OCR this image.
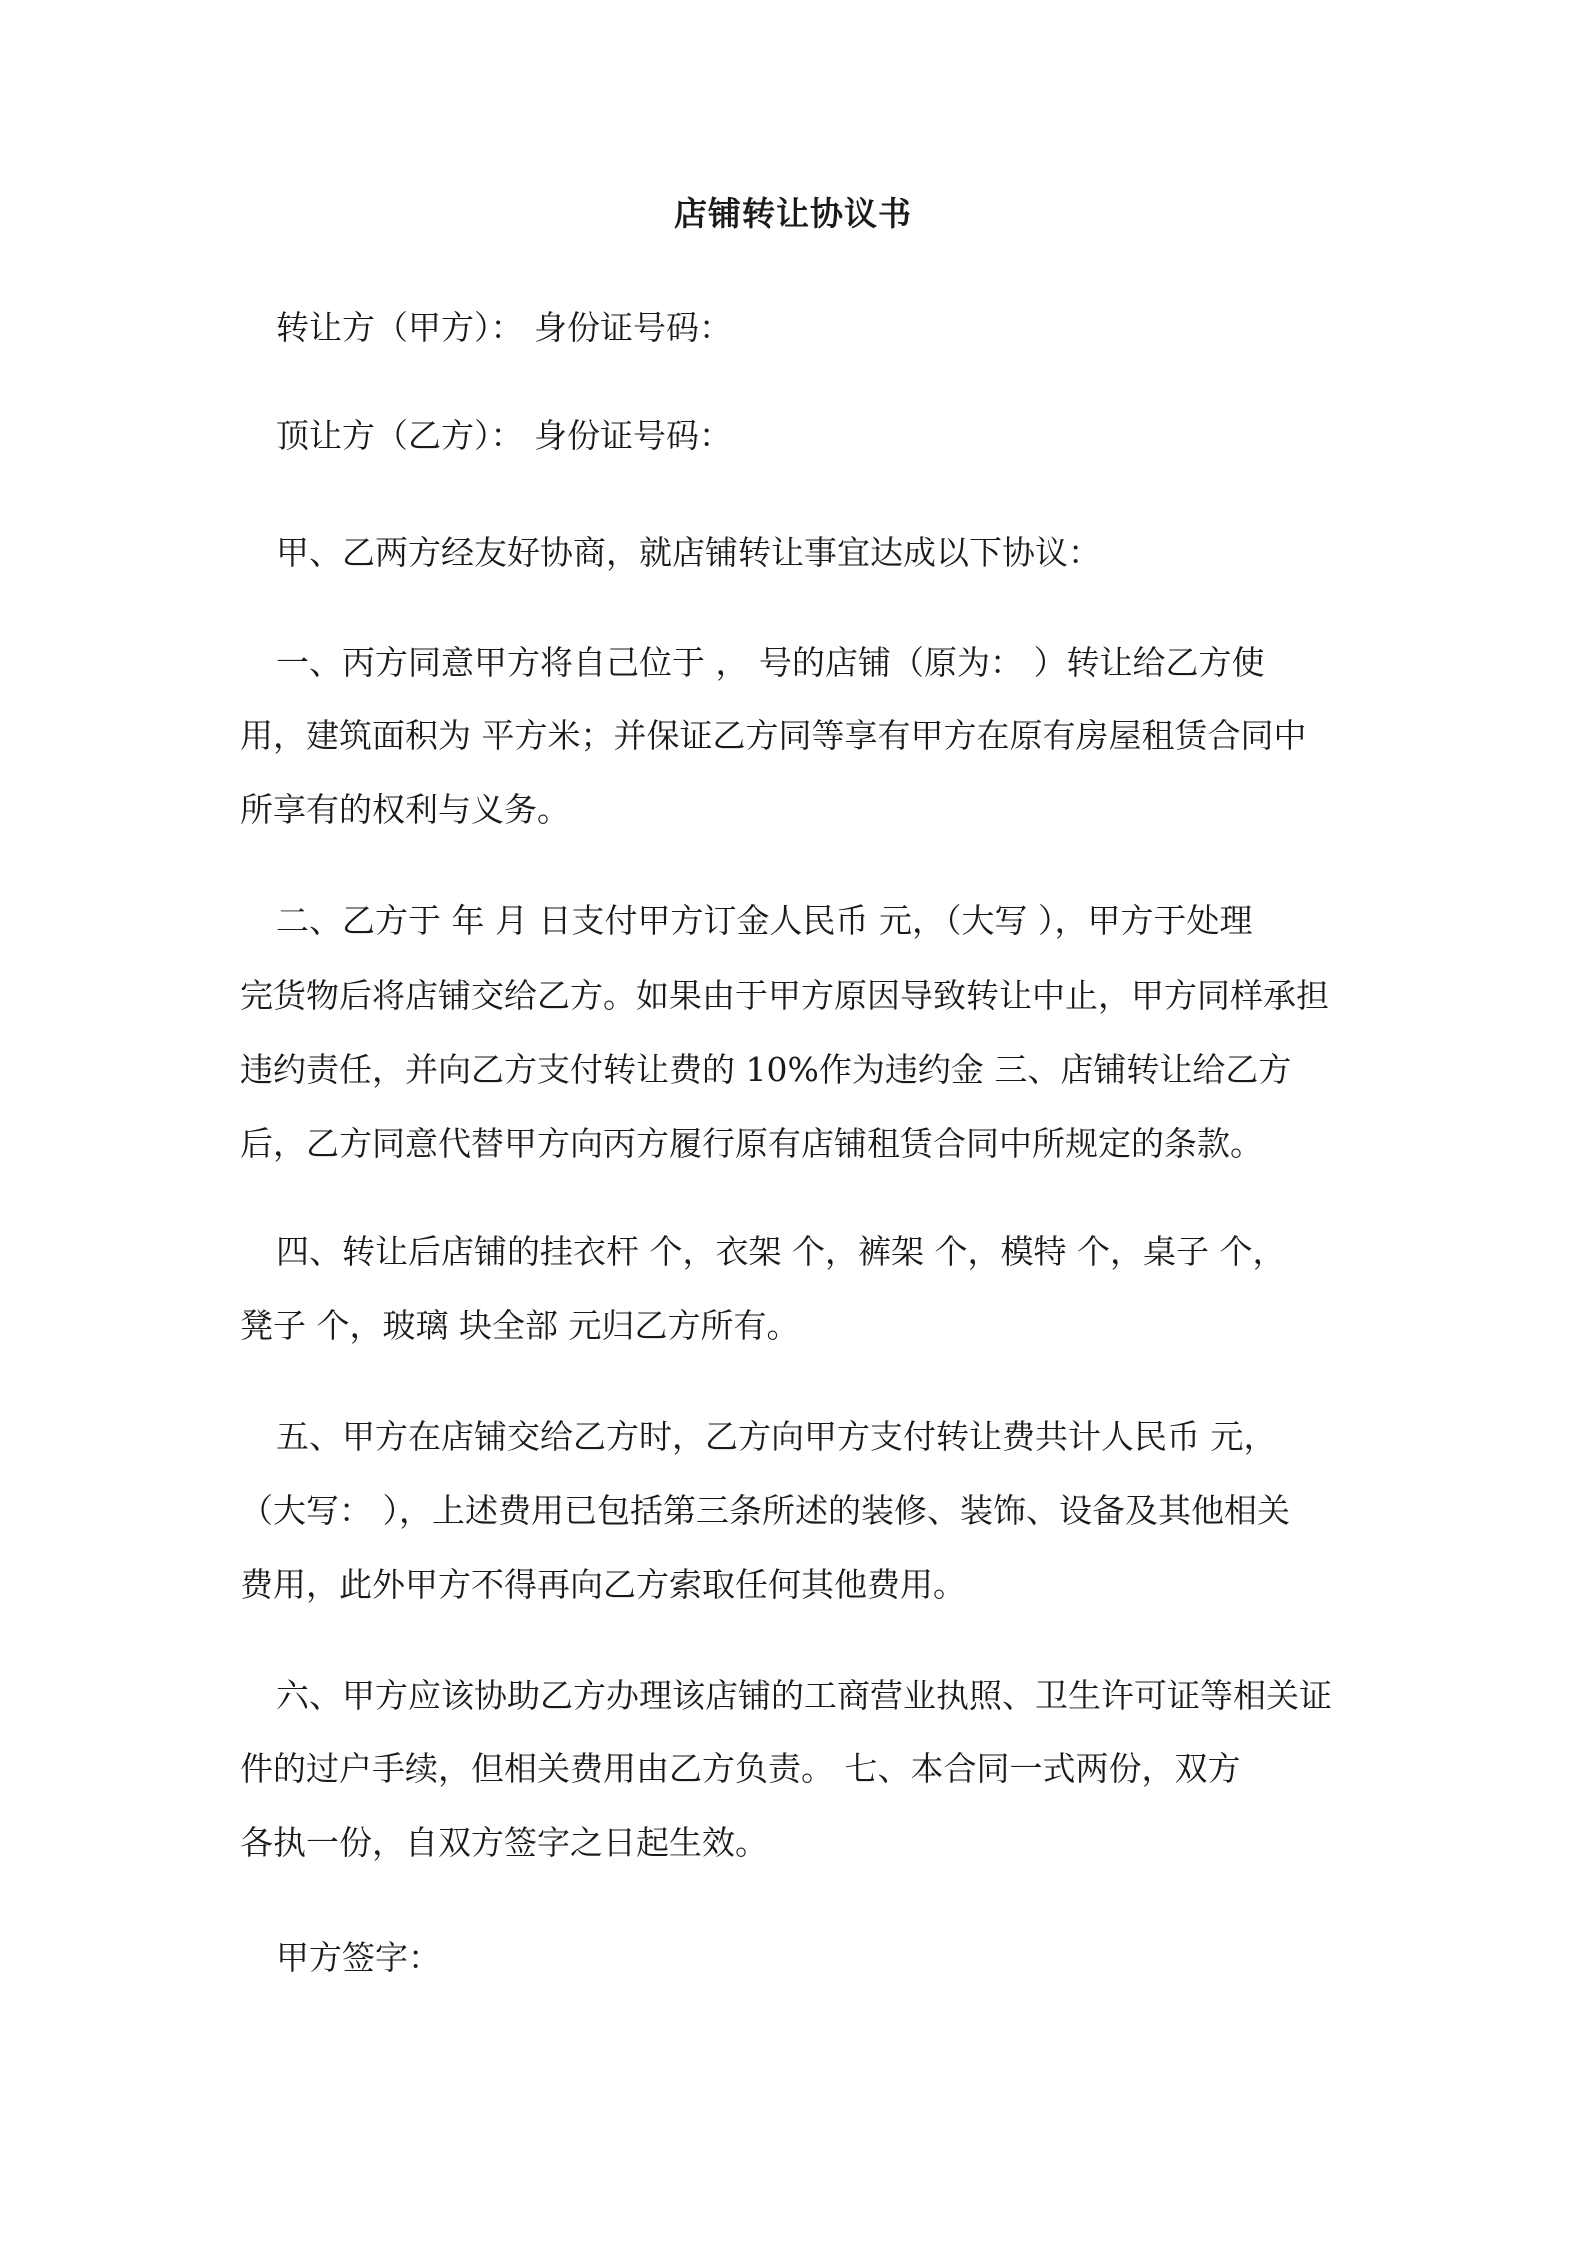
店铺转让协议书
转让方（甲方）： 身份证号码：
顶让方（乙方）： 身份证号码：
甲、乙两方经友好协商，就店铺转让事宜达成以下协议：
一、丙方同意甲方将自己位于 ， 号的店铺（原为： ）转让给乙方使
用，建筑面积为 平方米；并保证乙方同等享有甲方在原有房屋租赁合同中
所享有的权利与义务。
二、乙方于 年 月 日支付甲方订金人民币 元，（大写 ），甲方于处理
完货物后将店铺交给乙方。如果由于甲方原因导致转让中止，甲方同样承担
违约责任，并向乙方支付转让费的 10%作为违约金 三、店铺转让给乙方
后，乙方同意代替甲方向丙方履行原有店铺租赁合同中所规定的条款。
四、转让后店铺的挂衣杆 个，衣架 个，裤架 个，模特 个，桌子 个，
凳子 个，玻璃 块全部 元归乙方所有。
五、甲方在店铺交给乙方时，乙方向甲方支付转让费共计人民币 元，
（大写： ），上述费用已包括第三条所述的装修、装饰、设备及其他相关
费用，此外甲方不得再向乙方索取任何其他费用。
六、甲方应该协助乙方办理该店铺的工商营业执照、卫生许可证等相关证
件的过户手续，但相关费用由乙方负责。 七、本合同一式两份，双方
各执一份，自双方签字之日起生效。
甲方签字：
